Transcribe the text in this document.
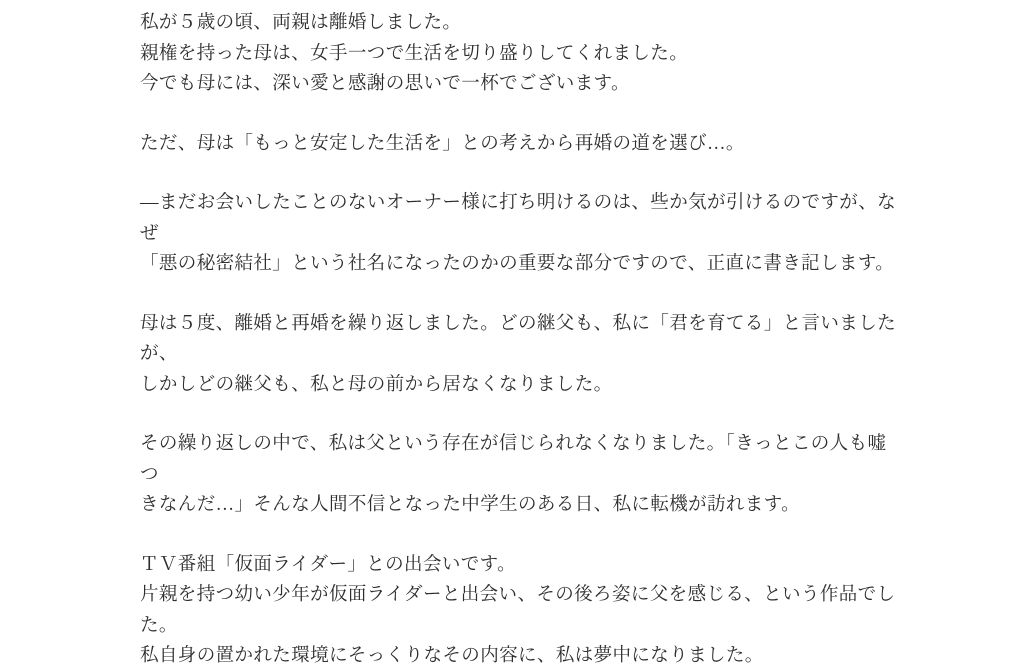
私が５歳の頃、両親は離婚しました。
親権を持った母は、女手一つで生活を切り盛りしてくれました。
今でも母には、深い愛と感謝の思いで一杯でございます。

ただ、母は「もっと安定した生活を」との考えから再婚の道を選び…。

―まだお会いしたことのないオーナー様に打ち明けるのは、些か気が引けるのですが、なぜ
「悪の秘密結社」という社名になったのかの重要な部分ですので、正直に書き記します。

母は５度、離婚と再婚を繰り返しました。どの継父も、私に「君を育てる」と言いましたが、
しかしどの継父も、私と母の前から居なくなりました。

その繰り返しの中で、私は父という存在が信じられなくなりました。「きっとこの人も嘘つ
きなんだ…」そんな人間不信となった中学生のある日、私に転機が訪れます。

ＴＶ番組「仮面ライダー」との出会いです。
片親を持つ幼い少年が仮面ライダーと出会い、その後ろ姿に父を感じる、という作品でした。
私自身の置かれた環境にそっくりなその内容に、私は夢中になりました。
